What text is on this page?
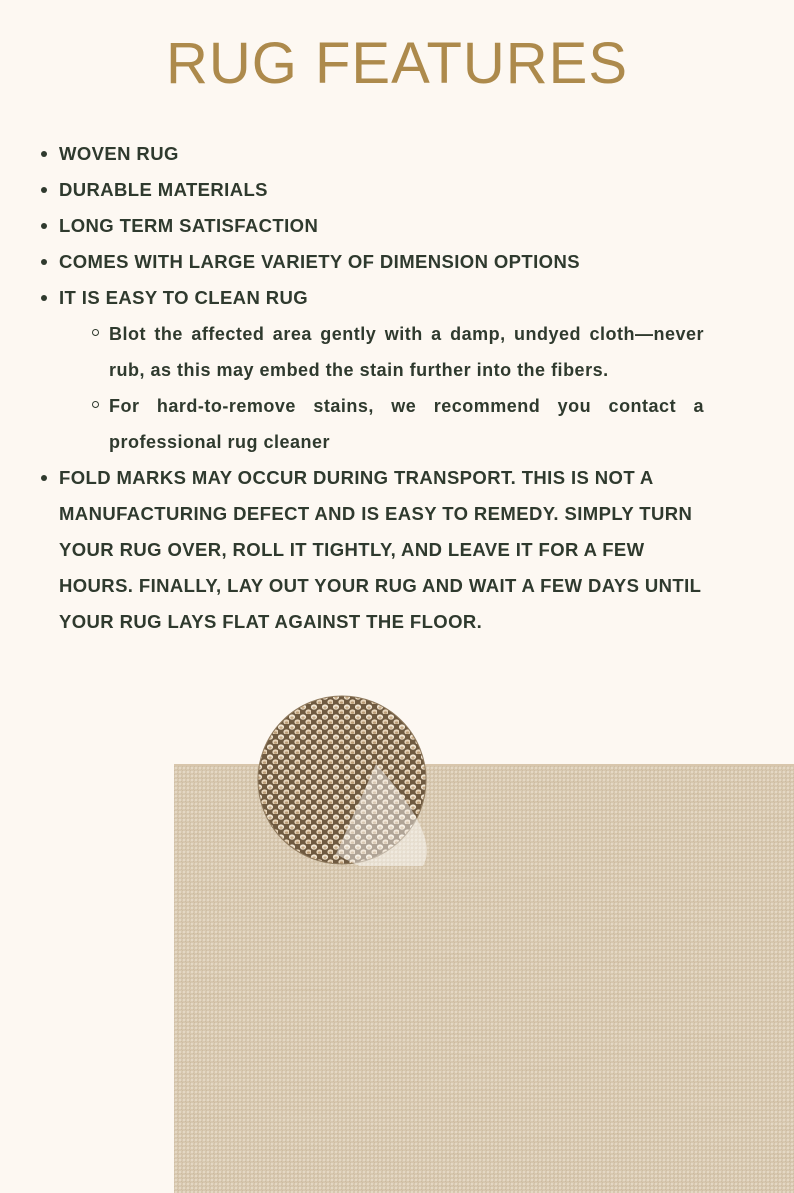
RUG FEATURES
WOVEN RUG
DURABLE MATERIALS
LONG TERM SATISFACTION
COMES WITH LARGE VARIETY OF DIMENSION OPTIONS
IT IS EASY TO CLEAN RUG
Blot the affected area gently with a damp, undyed cloth—never rub, as this may embed the stain further into the fibers.
For hard-to-remove stains, we recommend you contact a professional rug cleaner
FOLD MARKS MAY OCCUR DURING TRANSPORT. THIS IS NOT A MANUFACTURING DEFECT AND IS EASY TO REMEDY. SIMPLY TURN YOUR RUG OVER, ROLL IT TIGHTLY, AND LEAVE IT FOR A FEW HOURS. FINALLY, LAY OUT YOUR RUG AND WAIT A FEW DAYS UNTIL YOUR RUG LAYS FLAT AGAINST THE FLOOR.
